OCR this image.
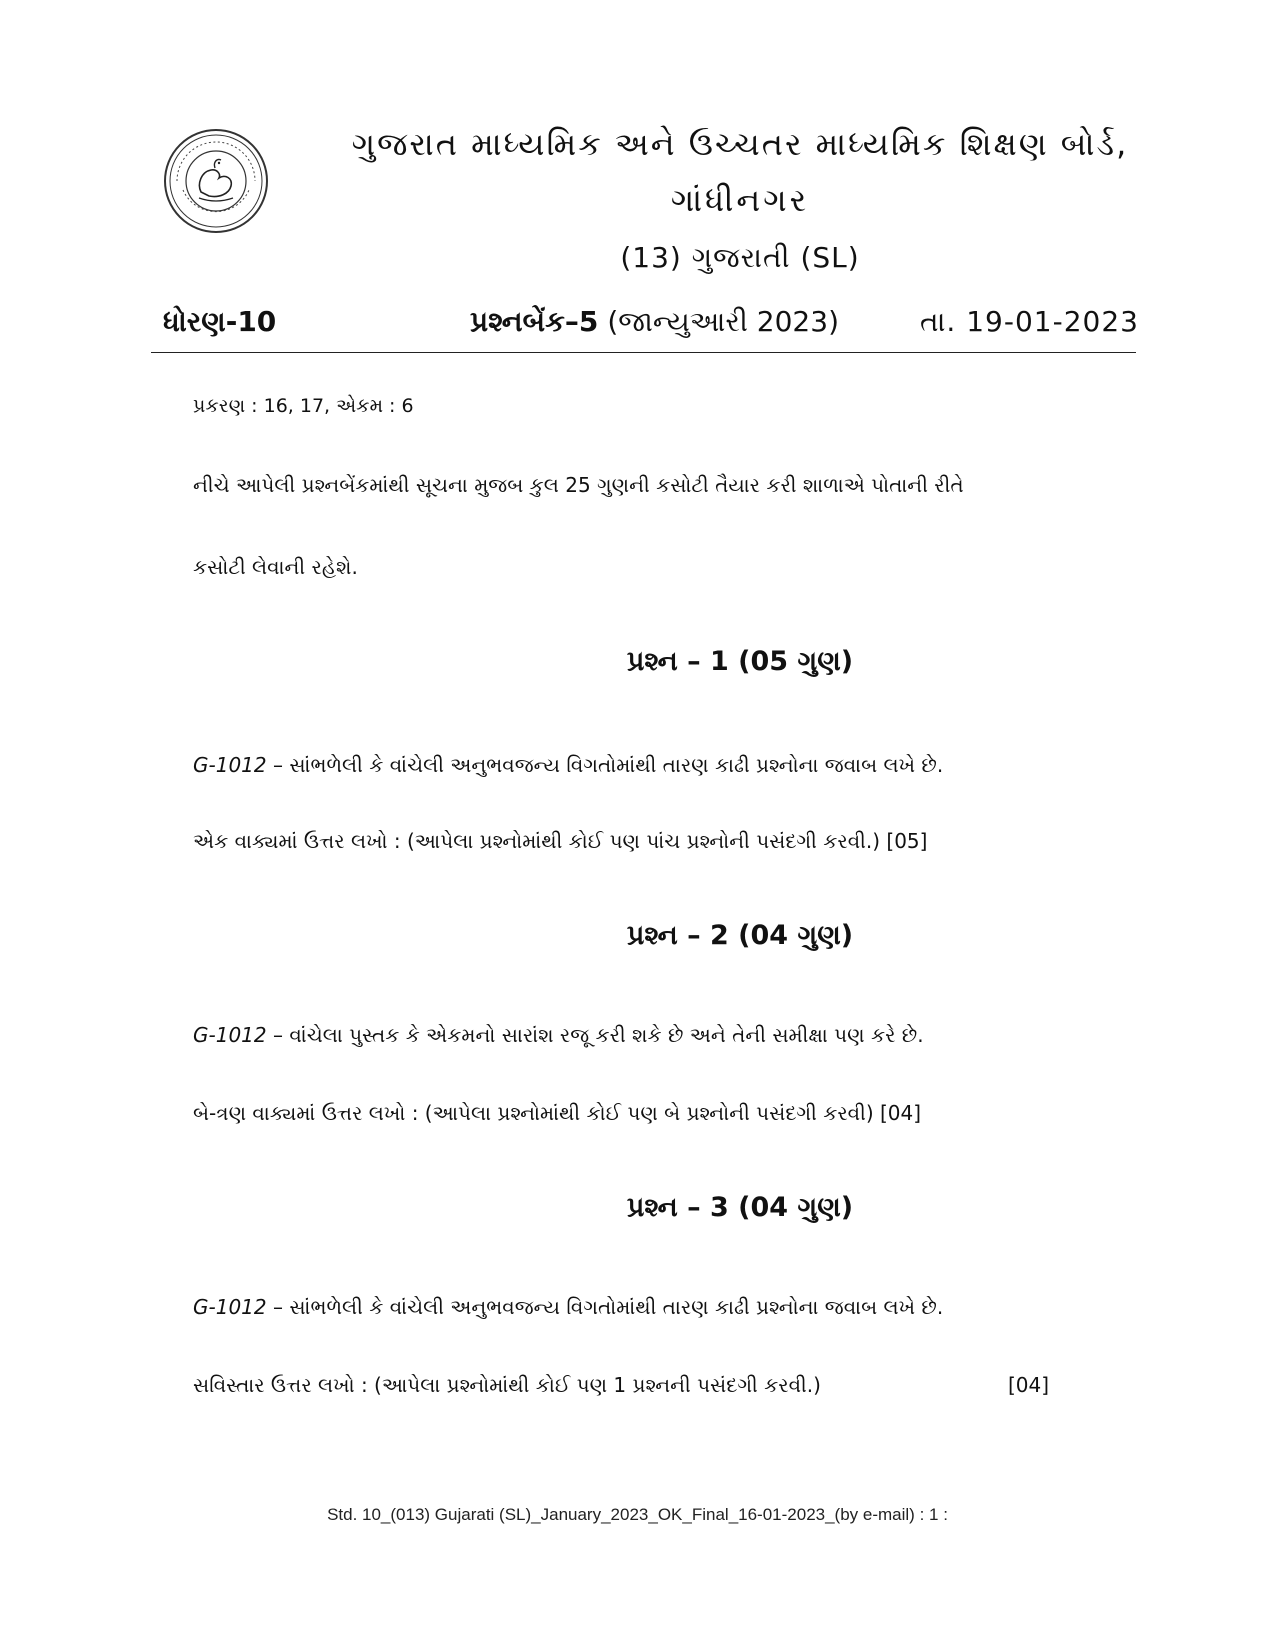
ગુજરાત માધ્યમિક અને ઉચ્ચતર માધ્યમિક શિક્ષણ બોર્ડ,
ગાંધીનગર
(13) ગુજરાતી (SL)
ધોરણ-10	પ્રશ્નબેંક–5 (જાન્યુઆરી 2023)	તા. 19-01-2023
પ્રકરણ : 16, 17, એકમ : 6
નીચે આપેલી પ્રશ્નબેંકમાંથી સૂચના મુજબ કુલ 25 ગુણની કસોટી તૈયાર કરી શાળાએ પોતાની રીતે
કસોટી લેવાની રહેશે.
પ્રશ્ન – 1 (05 ગુણ)
G-1012 – સાંભળેલી કે વાંચેલી અનુભવજન્ય વિગતોમાંથી તારણ કાઢી પ્રશ્નોના જવાબ લખે છે.
એક વાક્યમાં ઉત્તર લખો : (આપેલા પ્રશ્નોમાંથી કોઈ પણ પાંચ પ્રશ્નોની પસંદગી કરવી.) [05]
પ્રશ્ન – 2 (04 ગુણ)
G-1012 – વાંચેલા પુસ્તક કે એકમનો સારાંશ રજૂ કરી શકે છે અને તેની સમીક્ષા પણ કરે છે.
બે-ત્રણ વાક્યમાં ઉત્તર લખો : (આપેલા પ્રશ્નોમાંથી કોઈ પણ બે પ્રશ્નોની પસંદગી કરવી) [04]
પ્રશ્ન – 3 (04 ગુણ)
G-1012 – સાંભળેલી કે વાંચેલી અનુભવજન્ય વિગતોમાંથી તારણ કાઢી પ્રશ્નોના જવાબ લખે છે.
સવિસ્તાર ઉત્તર લખો : (આપેલા પ્રશ્નોમાંથી કોઈ પણ 1 પ્રશ્નની પસંદગી કરવી.)	[04]
Std. 10_(013) Gujarati (SL)_January_2023_OK_Final_16-01-2023_(by e-mail) : 1 :
